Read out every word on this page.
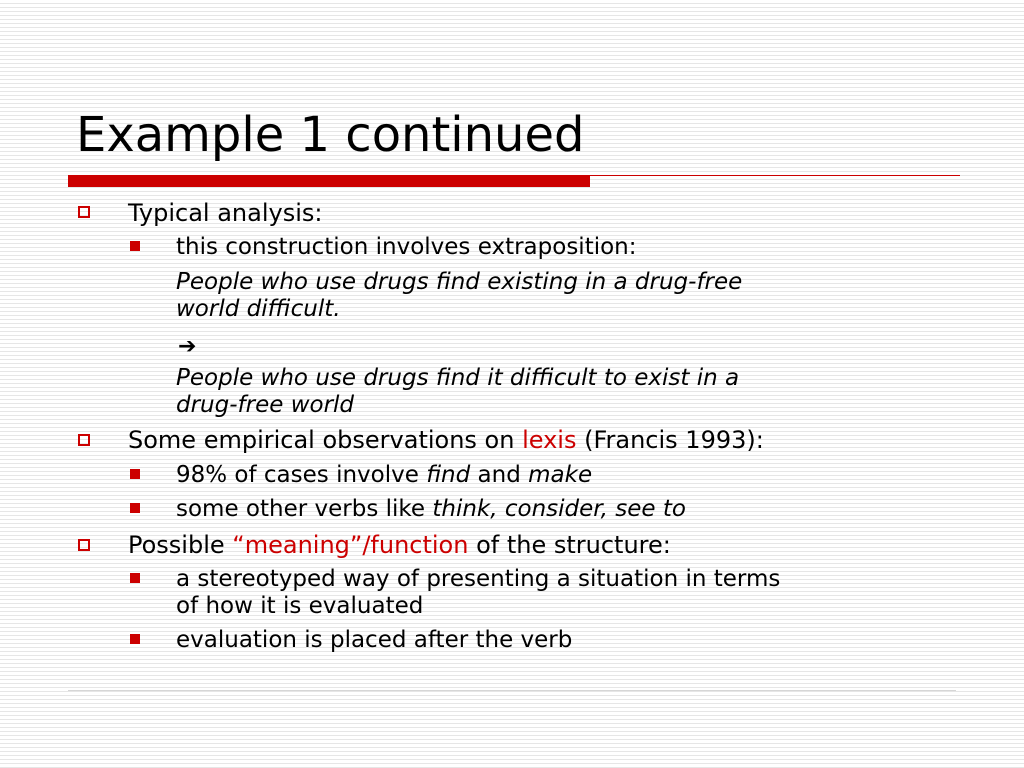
Example 1 continued
Typical analysis:
this construction involves extraposition:
People who use drugs find existing in a drug-free
world difficult.
➔
People who use drugs find it difficult to exist in a
drug-free world
Some empirical observations on lexis (Francis 1993):
98% of cases involve find and make
some other verbs like think, consider, see to
Possible “meaning”/function of the structure:
a stereotyped way of presenting a situation in terms
of how it is evaluated
evaluation is placed after the verb
